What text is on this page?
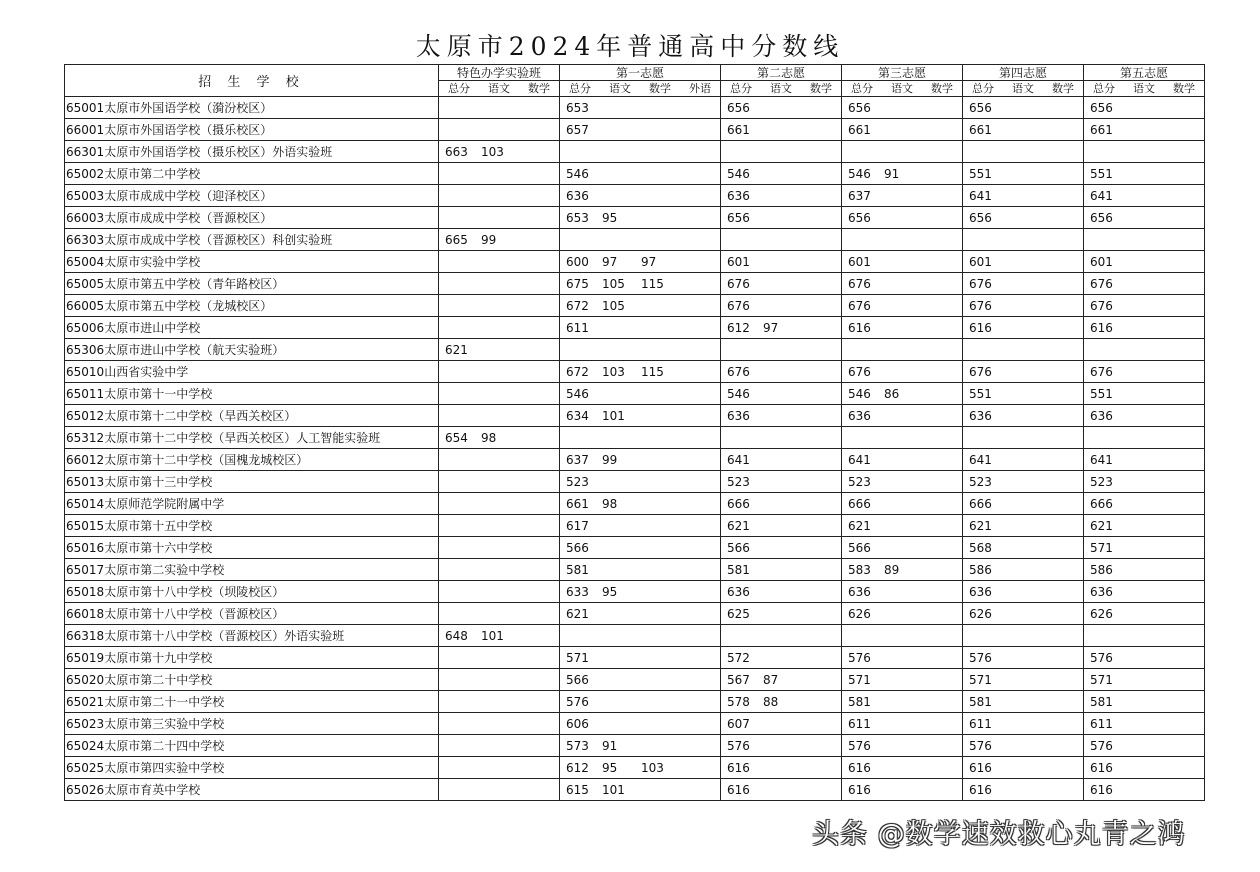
太原市2024年普通高中分数线
招 生 学 校	特色办学实验班	第一志愿	第二志愿	第三志愿	第四志愿	第五志愿
	总分 语文 数学	总分 语文 数学 外语	总分 语文 数学	总分 语文 数学	总分 语文 数学	总分 语文 数学
65001太原市外国语学校（漪汾校区）		653	656	656	656	656
66001太原市外国语学校（摄乐校区）		657	661	661	661	661
66301太原市外国语学校（摄乐校区）外语实验班	663 103					
65002太原市第二中学校		546	546	546 91	551	551
65003太原市成成中学校（迎泽校区）		636	636	637	641	641
66003太原市成成中学校（晋源校区）		653 95	656	656	656	656
66303太原市成成中学校（晋源校区）科创实验班	665 99					
65004太原市实验中学校		600 97 97	601	601	601	601
65005太原市第五中学校（青年路校区）		675 105 115	676	676	676	676
66005太原市第五中学校（龙城校区）		672 105	676	676	676	676
65006太原市进山中学校		611	612 97	616	616	616
65306太原市进山中学校（航天实验班）	621					
65010山西省实验中学		672 103 115	676	676	676	676
65011太原市第十一中学校		546	546	546 86	551	551
65012太原市第十二中学校（旱西关校区）		634 101	636	636	636	636
65312太原市第十二中学校（旱西关校区）人工智能实验班	654 98					
66012太原市第十二中学校（国槐龙城校区）		637 99	641	641	641	641
65013太原市第十三中学校		523	523	523	523	523
65014太原师范学院附属中学		661 98	666	666	666	666
65015太原市第十五中学校		617	621	621	621	621
65016太原市第十六中学校		566	566	566	568	571
65017太原市第二实验中学校		581	581	583 89	586	586
65018太原市第十八中学校（坝陵校区）		633 95	636	636	636	636
66018太原市第十八中学校（晋源校区）		621	625	626	626	626
66318太原市第十八中学校（晋源校区）外语实验班	648 101					
65019太原市第十九中学校		571	572	576	576	576
65020太原市第二十中学校		566	567 87	571	571	571
65021太原市第二十一中学校		576	578 88	581	581	581
65023太原市第三实验中学校		606	607	611	611	611
65024太原市第二十四中学校		573 91	576	576	576	576
65025太原市第四实验中学校		612 95 103	616	616	616	616
65026太原市育英中学校		615 101	616	616	616	616
头条 @数学速效救心丸青之鸿
